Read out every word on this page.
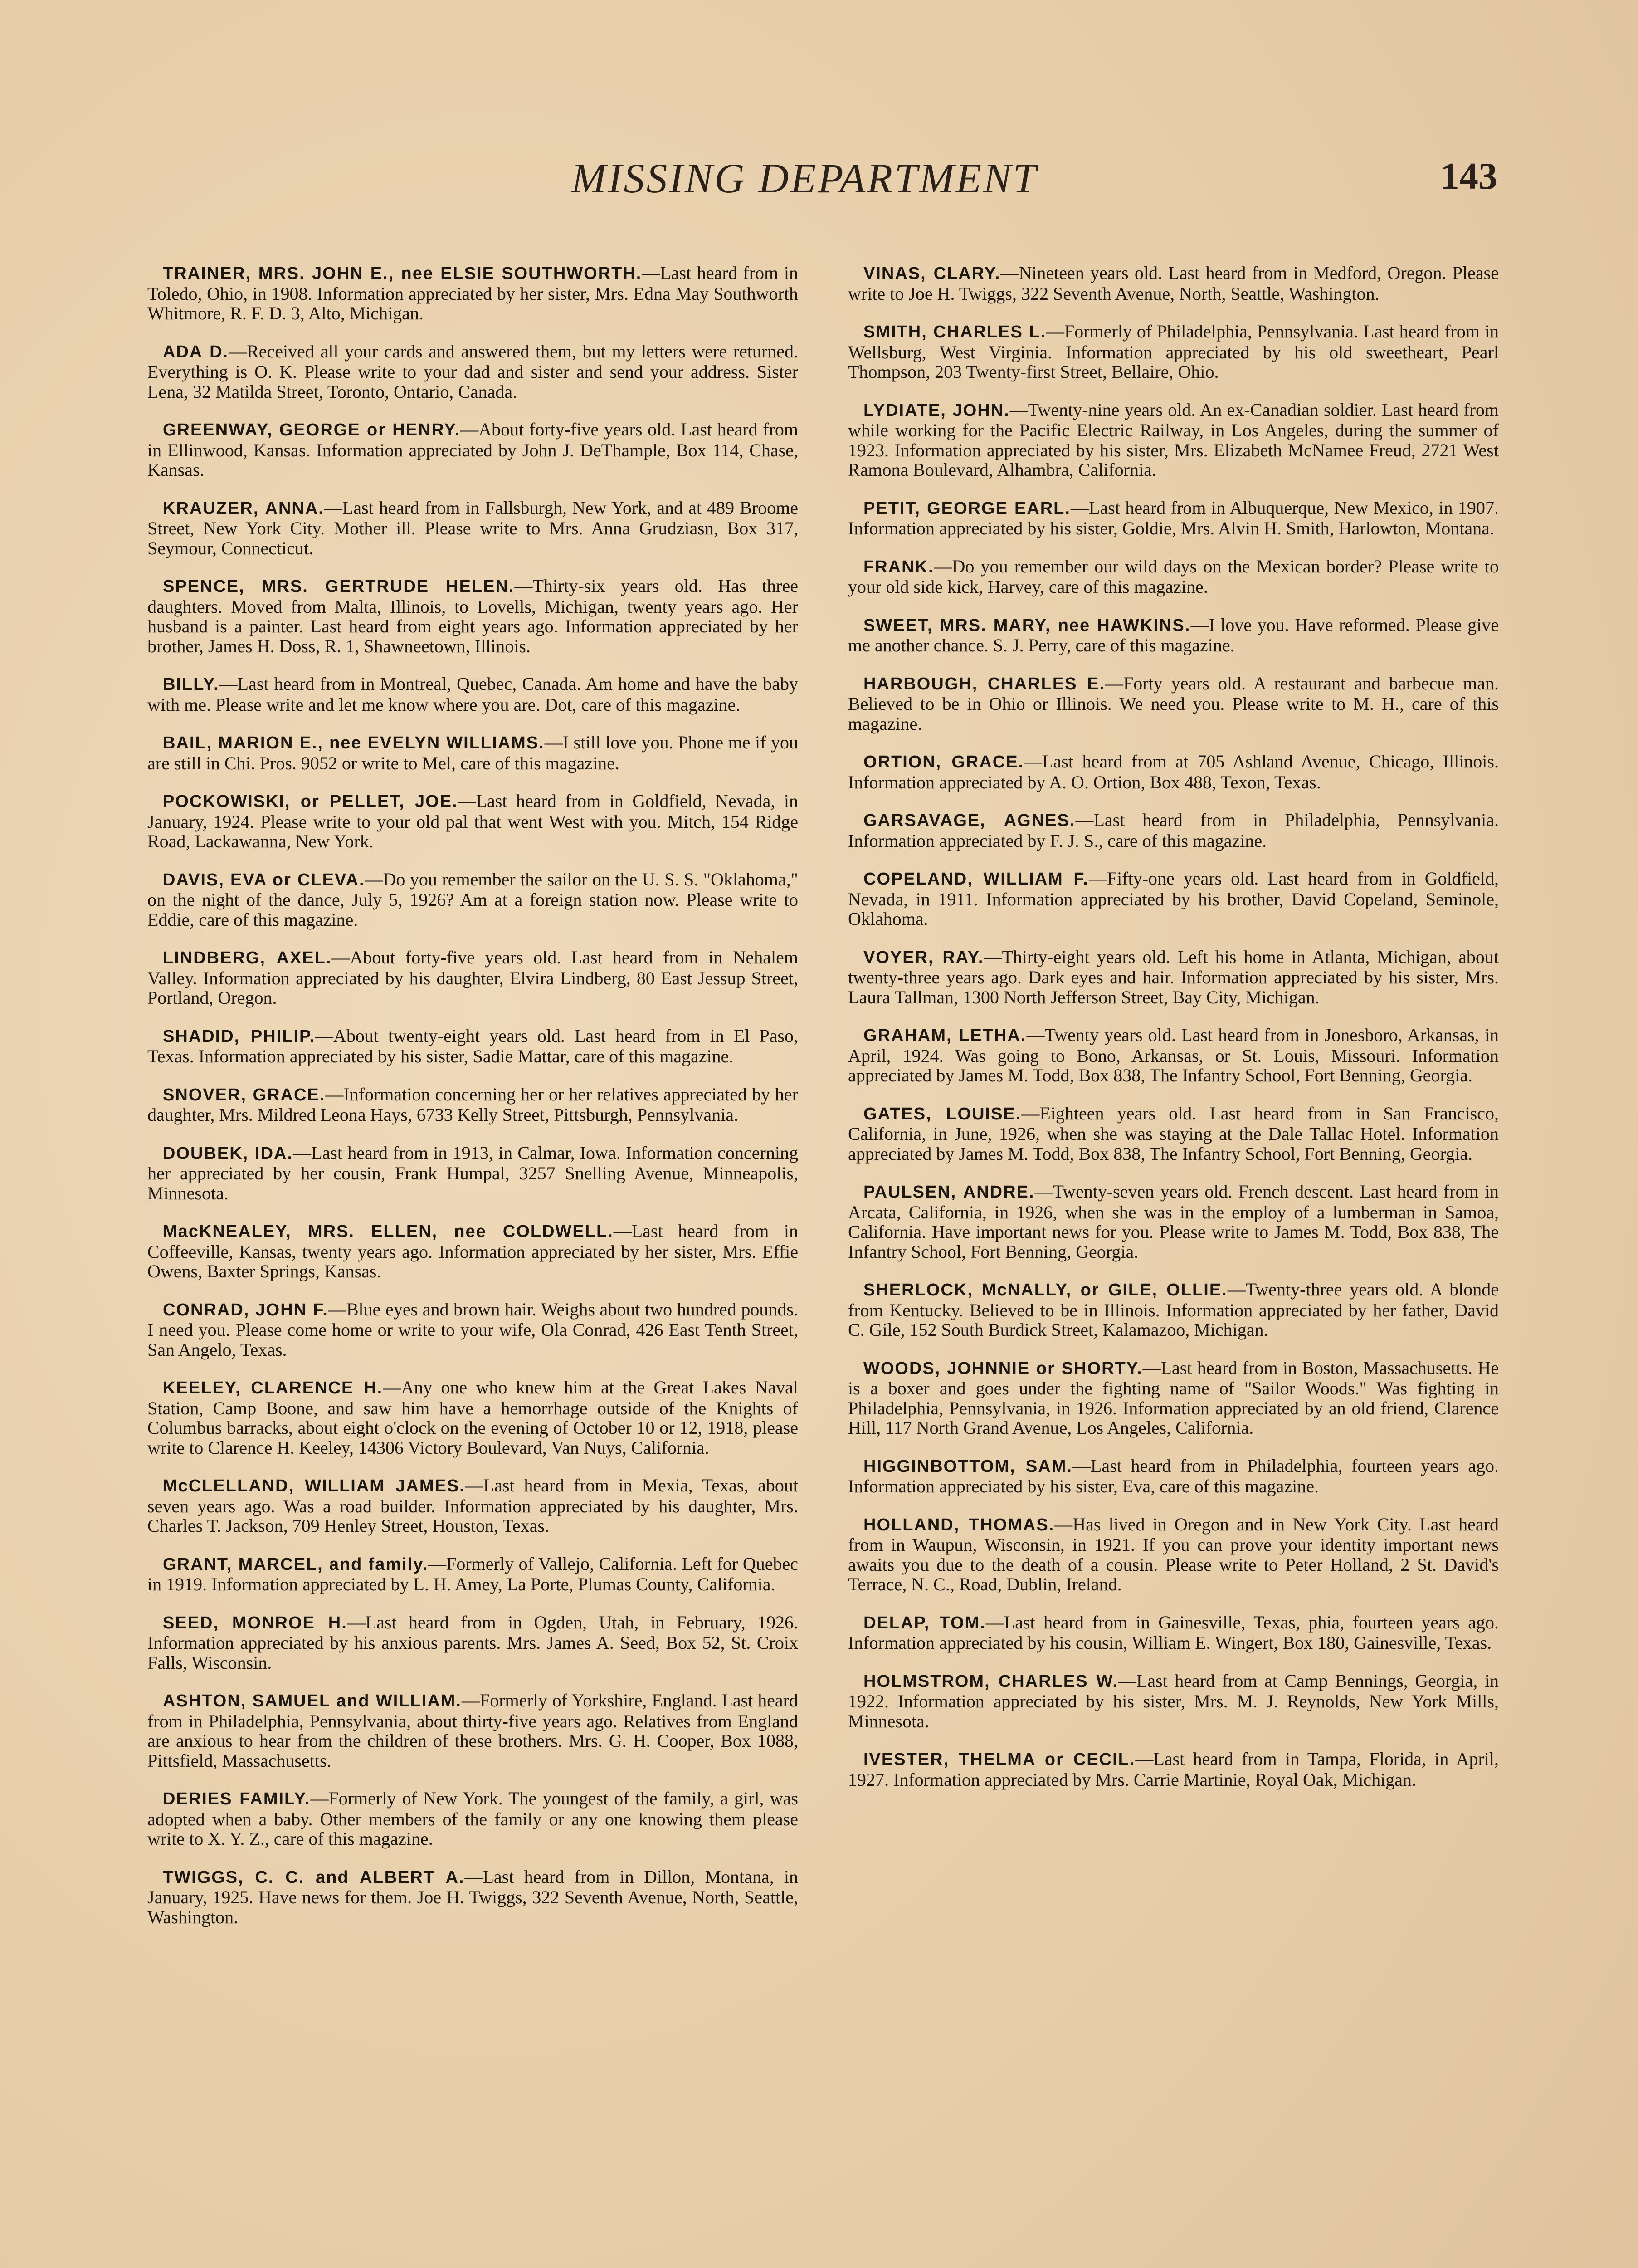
MISSING DEPARTMENT	143

TRAINER, MRS. JOHN E., nee ELSIE SOUTHWORTH.—Last heard from in Toledo, Ohio, in 1908. Information appreciated by her sister, Mrs. Edna May Southworth Whitmore, R. F. D. 3, Alto, Michigan.

ADA D.—Received all your cards and answered them, but my letters were returned. Everything is O. K. Please write to your dad and sister and send your address. Sister Lena, 32 Matilda Street, Toronto, Ontario, Canada.

GREENWAY, GEORGE or HENRY.—About forty-five years old. Last heard from in Ellinwood, Kansas. Information appreciated by John J. DeThample, Box 114, Chase, Kansas.

KRAUZER, ANNA.—Last heard from in Fallsburgh, New York, and at 489 Broome Street, New York City. Mother ill. Please write to Mrs. Anna Grudziasn, Box 317, Seymour, Connecticut.

SPENCE, MRS. GERTRUDE HELEN.—Thirty-six years old. Has three daughters. Moved from Malta, Illinois, to Lovells, Michigan, twenty years ago. Her husband is a painter. Last heard from eight years ago. Information appreciated by her brother, James H. Doss, R. 1, Shawneetown, Illinois.

BILLY.—Last heard from in Montreal, Quebec, Canada. Am home and have the baby with me. Please write and let me know where you are. Dot, care of this magazine.

BAIL, MARION E., nee EVELYN WILLIAMS.—I still love you. Phone me if you are still in Chi. Pros. 9052 or write to Mel, care of this magazine.

POCKOWISKI, or PELLET, JOE.—Last heard from in Goldfield, Nevada, in January, 1924. Please write to your old pal that went West with you. Mitch, 154 Ridge Road, Lackawanna, New York.

DAVIS, EVA or CLEVA.—Do you remember the sailor on the U. S. S. "Oklahoma," on the night of the dance, July 5, 1926? Am at a foreign station now. Please write to Eddie, care of this magazine.

LINDBERG, AXEL.—About forty-five years old. Last heard from in Nehalem Valley. Information appreciated by his daughter, Elvira Lindberg, 80 East Jessup Street, Portland, Oregon.

SHADID, PHILIP.—About twenty-eight years old. Last heard from in El Paso, Texas. Information appreciated by his sister, Sadie Mattar, care of this magazine.

SNOVER, GRACE.—Information concerning her or her relatives appreciated by her daughter, Mrs. Mildred Leona Hays, 6733 Kelly Street, Pittsburgh, Pennsylvania.

DOUBEK, IDA.—Last heard from in 1913, in Calmar, Iowa. Information concerning her appreciated by her cousin, Frank Humpal, 3257 Snelling Avenue, Minneapolis, Minnesota.

MacKNEALEY, MRS. ELLEN, nee COLDWELL.—Last heard from in Coffeeville, Kansas, twenty years ago. Information appreciated by her sister, Mrs. Effie Owens, Baxter Springs, Kansas.

CONRAD, JOHN F.—Blue eyes and brown hair. Weighs about two hundred pounds. I need you. Please come home or write to your wife, Ola Conrad, 426 East Tenth Street, San Angelo, Texas.

KEELEY, CLARENCE H.—Any one who knew him at the Great Lakes Naval Station, Camp Boone, and saw him have a hemorrhage outside of the Knights of Columbus barracks, about eight o'clock on the evening of October 10 or 12, 1918, please write to Clarence H. Keeley, 14306 Victory Boulevard, Van Nuys, California.

McCLELLAND, WILLIAM JAMES.—Last heard from in Mexia, Texas, about seven years ago. Was a road builder. Information appreciated by his daughter, Mrs. Charles T. Jackson, 709 Henley Street, Houston, Texas.

GRANT, MARCEL, and family.—Formerly of Vallejo, California. Left for Quebec in 1919. Information appreciated by L. H. Amey, La Porte, Plumas County, California.

SEED, MONROE H.—Last heard from in Ogden, Utah, in February, 1926. Information appreciated by his anxious parents. Mrs. James A. Seed, Box 52, St. Croix Falls, Wisconsin.

ASHTON, SAMUEL and WILLIAM.—Formerly of Yorkshire, England. Last heard from in Philadelphia, Pennsylvania, about thirty-five years ago. Relatives from England are anxious to hear from the children of these brothers. Mrs. G. H. Cooper, Box 1088, Pittsfield, Massachusetts.

DERIES FAMILY.—Formerly of New York. The youngest of the family, a girl, was adopted when a baby. Other members of the family or any one knowing them please write to X. Y. Z., care of this magazine.

TWIGGS, C. C. and ALBERT A.—Last heard from in Dillon, Montana, in January, 1925. Have news for them. Joe H. Twiggs, 322 Seventh Avenue, North, Seattle, Washington.

VINAS, CLARY.—Nineteen years old. Last heard from in Medford, Oregon. Please write to Joe H. Twiggs, 322 Seventh Avenue, North, Seattle, Washington.

SMITH, CHARLES L.—Formerly of Philadelphia, Pennsylvania. Last heard from in Wellsburg, West Virginia. Information appreciated by his old sweetheart, Pearl Thompson, 203 Twenty-first Street, Bellaire, Ohio.

LYDIATE, JOHN.—Twenty-nine years old. An ex-Canadian soldier. Last heard from while working for the Pacific Electric Railway, in Los Angeles, during the summer of 1923. Information appreciated by his sister, Mrs. Elizabeth McNamee Freud, 2721 West Ramona Boulevard, Alhambra, California.

PETIT, GEORGE EARL.—Last heard from in Albuquerque, New Mexico, in 1907. Information appreciated by his sister, Goldie, Mrs. Alvin H. Smith, Harlowton, Montana.

FRANK.—Do you remember our wild days on the Mexican border? Please write to your old side kick, Harvey, care of this magazine.

SWEET, MRS. MARY, nee HAWKINS.—I love you. Have reformed. Please give me another chance. S. J. Perry, care of this magazine.

HARBOUGH, CHARLES E.—Forty years old. A restaurant and barbecue man. Believed to be in Ohio or Illinois. We need you. Please write to M. H., care of this magazine.

ORTION, GRACE.—Last heard from at 705 Ashland Avenue, Chicago, Illinois. Information appreciated by A. O. Ortion, Box 488, Texon, Texas.

GARSAVAGE, AGNES.—Last heard from in Philadelphia, Pennsylvania. Information appreciated by F. J. S., care of this magazine.

COPELAND, WILLIAM F.—Fifty-one years old. Last heard from in Goldfield, Nevada, in 1911. Information appreciated by his brother, David Copeland, Seminole, Oklahoma.

VOYER, RAY.—Thirty-eight years old. Left his home in Atlanta, Michigan, about twenty-three years ago. Dark eyes and hair. Information appreciated by his sister, Mrs. Laura Tallman, 1300 North Jefferson Street, Bay City, Michigan.

GRAHAM, LETHA.—Twenty years old. Last heard from in Jonesboro, Arkansas, in April, 1924. Was going to Bono, Arkansas, or St. Louis, Missouri. Information appreciated by James M. Todd, Box 838, The Infantry School, Fort Benning, Georgia.

GATES, LOUISE.—Eighteen years old. Last heard from in San Francisco, California, in June, 1926, when she was staying at the Dale Tallac Hotel. Information appreciated by James M. Todd, Box 838, The Infantry School, Fort Benning, Georgia.

PAULSEN, ANDRE.—Twenty-seven years old. French descent. Last heard from in Arcata, California, in 1926, when she was in the employ of a lumberman in Samoa, California. Have important news for you. Please write to James M. Todd, Box 838, The Infantry School, Fort Benning, Georgia.

SHERLOCK, McNALLY, or GILE, OLLIE.—Twenty-three years old. A blonde from Kentucky. Believed to be in Illinois. Information appreciated by her father, David C. Gile, 152 South Burdick Street, Kalamazoo, Michigan.

WOODS, JOHNNIE or SHORTY.—Last heard from in Boston, Massachusetts. He is a boxer and goes under the fighting name of "Sailor Woods." Was fighting in Philadelphia, Pennsylvania, in 1926. Information appreciated by an old friend, Clarence Hill, 117 North Grand Avenue, Los Angeles, California.

HIGGINBOTTOM, SAM.—Last heard from in Philadelphia, fourteen years ago. Information appreciated by his sister, Eva, care of this magazine.

HOLLAND, THOMAS.—Has lived in Oregon and in New York City. Last heard from in Waupun, Wisconsin, in 1921. If you can prove your identity important news awaits you due to the death of a cousin. Please write to Peter Holland, 2 St. David's Terrace, N. C., Road, Dublin, Ireland.

DELAP, TOM.—Last heard from in Gainesville, Texas, phia, fourteen years ago. Information appreciated by his cousin, William E. Wingert, Box 180, Gainesville, Texas.

HOLMSTROM, CHARLES W.—Last heard from at Camp Bennings, Georgia, in 1922. Information appreciated by his sister, Mrs. M. J. Reynolds, New York Mills, Minnesota.

IVESTER, THELMA or CECIL.—Last heard from in Tampa, Florida, in April, 1927. Information appreciated by Mrs. Carrie Martinie, Royal Oak, Michigan.
